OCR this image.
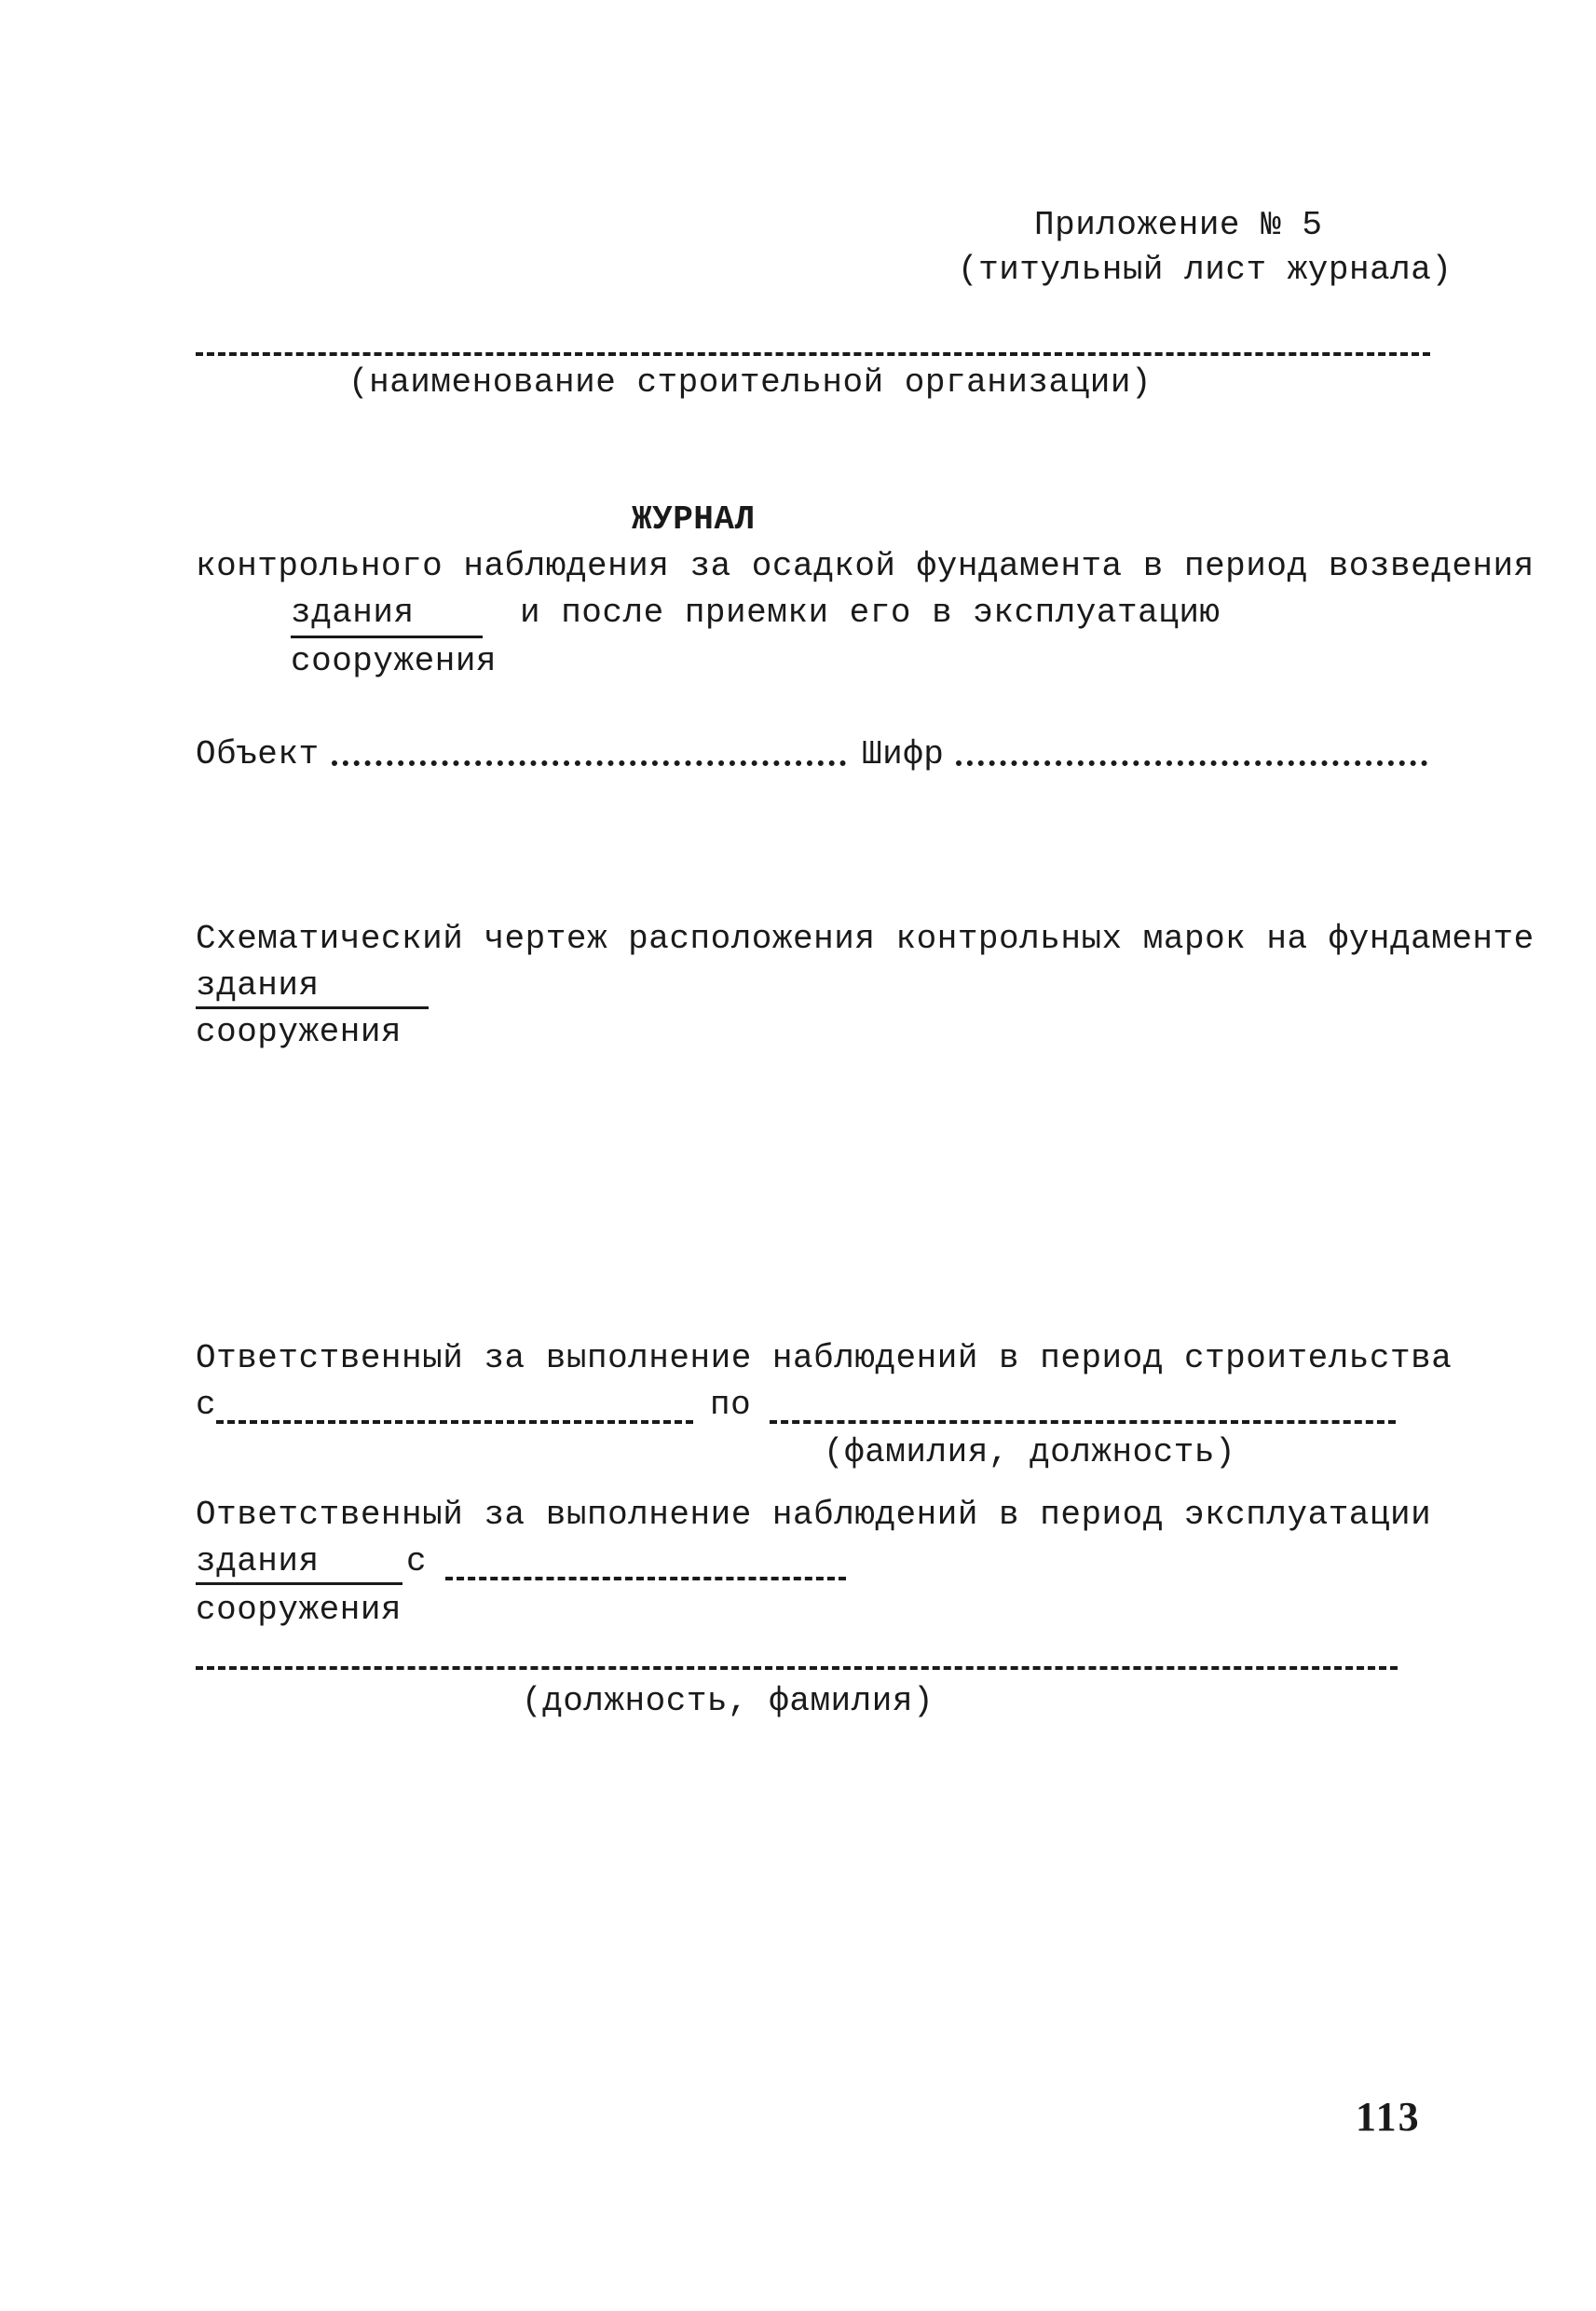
Приложение № 5
(титульный лист журнала)
(наименование строительной организации)
ЖУРНАЛ
контрольного наблюдения за осадкой фундамента в период возведения
здания	и после приемки его в эксплуатацию
сооружения
Объект	Шифр
Схематический чертеж расположения контрольных марок на фундаменте
здания
сооружения
Ответственный за выполнение наблюдений в период строительства
с	по
(фамилия, должность)
Ответственный за выполнение наблюдений в период эксплуатации
здания	с
сооружения
(должность, фамилия)
113
